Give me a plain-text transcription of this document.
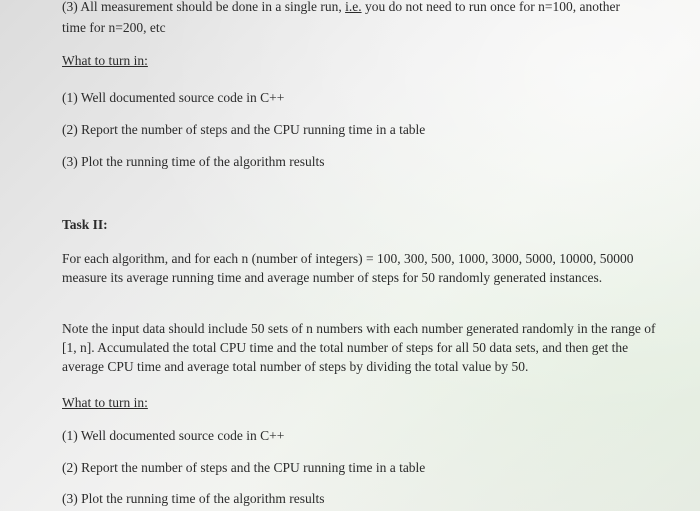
(3) All measurement should be done in a single run, i.e. you do not need to run once for n=100, another
time for n=200, etc
What to turn in:
(1) Well documented source code in C++
(2) Report the number of steps and the CPU running time in a table
(3) Plot the running time of the algorithm results
Task II:
For each algorithm, and for each n (number of integers) = 100, 300, 500, 1000, 3000, 5000, 10000, 50000 measure its average running time and average number of steps for 50 randomly generated instances.
Note the input data should include 50 sets of n numbers with each number generated randomly in the range of [1, n]. Accumulated the total CPU time and the total number of steps for all 50 data sets, and then get the average CPU time and average total number of steps by dividing the total value by 50.
What to turn in:
(1) Well documented source code in C++
(2) Report the number of steps and the CPU running time in a table
(3) Plot the running time of the algorithm results
